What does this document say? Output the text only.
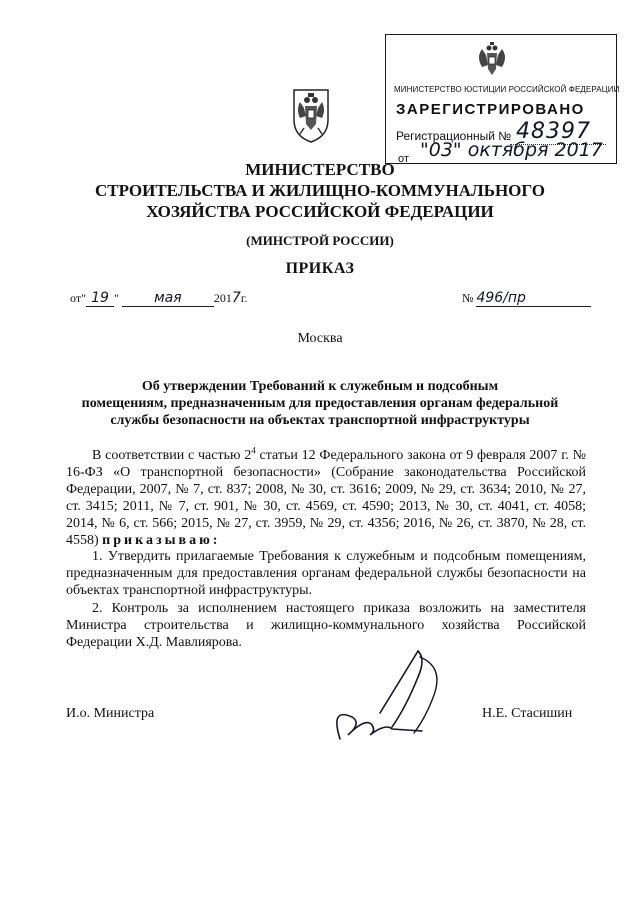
МИНИСТЕРСТВО ЮСТИЦИИ РОССИЙСКОЙ ФЕДЕРАЦИИ
ЗАРЕГИСТРИРОВАНО
Регистрационный № 48397
от "03" октября 2017
МИНИСТЕРСТВО
СТРОИТЕЛЬСТВА И ЖИЛИЩНО-КОММУНАЛЬНОГО
ХОЗЯЙСТВА РОССИЙСКОЙ ФЕДЕРАЦИИ
(МИНСТРОЙ РОССИИ)
ПРИКАЗ
от" 19 "	мая	2017г.	№ 496/пр
Москва
Об утверждении Требований к служебным и подсобным
помещениям, предназначенным для предоставления органам федеральной
службы безопасности на объектах транспортной инфраструктуры

В соответствии с частью $2^4$ статьи 12 Федерального закона от 9 февраля 2007 г. № 16-ФЗ «О транспортной безопасности» (Собрание законодательства Российской Федерации, 2007, № 7, ст. 837; 2008, № 30, ст. 3616; 2009, № 29, ст. 3634; 2010, № 27, ст. 3415; 2011, № 7, ст. 901, № 30, ст. 4569, ст. 4590; 2013, № 30, ст. 4041, ст. 4058; 2014, № 6, ст. 566; 2015, № 27, ст. 3959, № 29, ст. 4356; 2016, № 26, ст. 3870, № 28, ст. 4558) приказываю:

1. Утвердить прилагаемые Требования к служебным и подсобным помещениям, предназначенным для предоставления органам федеральной службы безопасности на объектах транспортной инфраструктуры.

2. Контроль за исполнением настоящего приказа возложить на заместителя Министра строительства и жилищно-коммунального хозяйства Российской Федерации Х.Д. Мавлиярова.

И.о. Министра	Н.Е. Стасишин
